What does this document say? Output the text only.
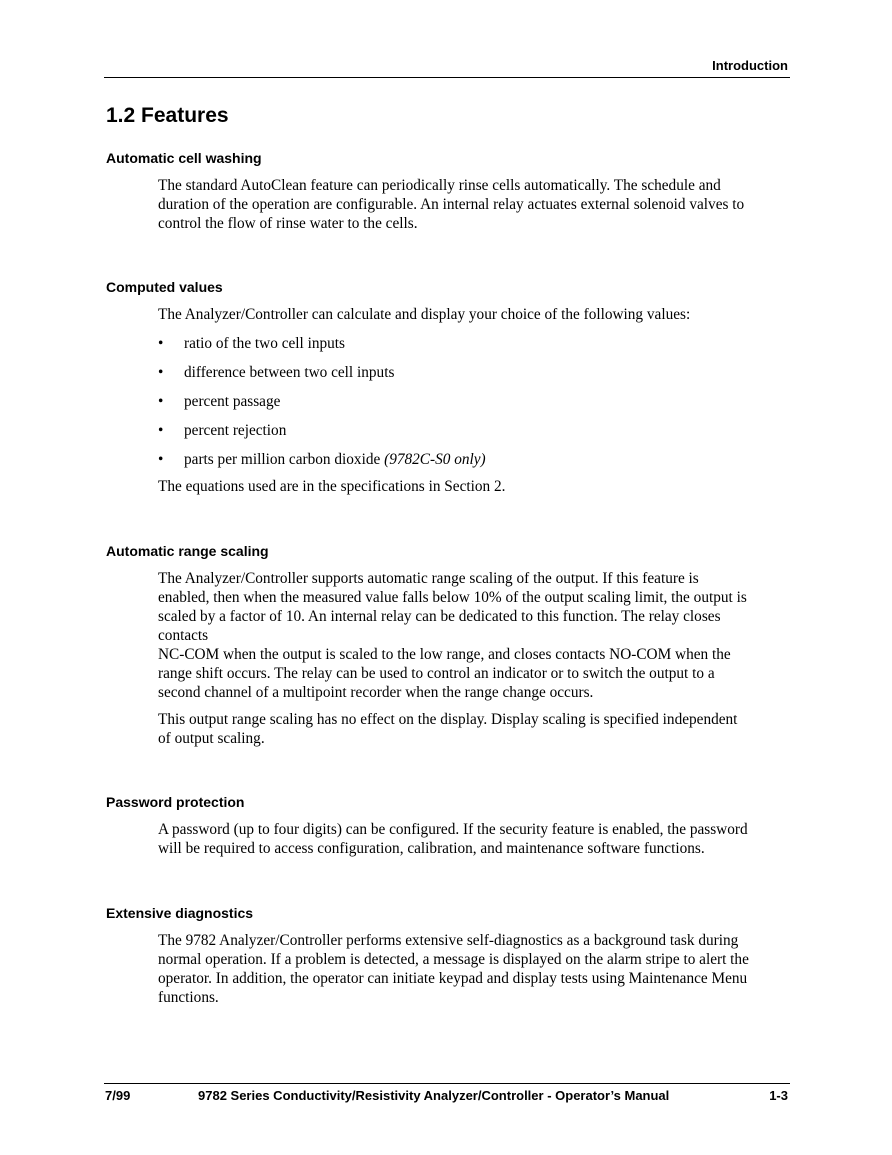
Introduction
1.2 Features
Automatic cell washing

The standard AutoClean feature can periodically rinse cells automatically. The schedule and

duration of the operation are configurable. An internal relay actuates external solenoid valves to

control the flow of rinse water to the cells.

Computed values

The Analyzer/Controller can calculate and display your choice of the following values:

• ratio of the two cell inputs
• difference between two cell inputs
• percent passage
• percent rejection
• parts per million carbon dioxide (9782C-S0 only)

The equations used are in the specifications in Section 2.

Automatic range scaling

The Analyzer/Controller supports automatic range scaling of the output. If this feature is

enabled, then when the measured value falls below 10% of the output scaling limit, the output is

scaled by a factor of 10. An internal relay can be dedicated to this function. The relay closes

contacts

NC-COM when the output is scaled to the low range, and closes contacts NO-COM when the

range shift occurs. The relay can be used to control an indicator or to switch the output to a

second channel of a multipoint recorder when the range change occurs.

This output range scaling has no effect on the display. Display scaling is specified independent

of output scaling.

Password protection

A password (up to four digits) can be configured. If the security feature is enabled, the password

will be required to access configuration, calibration, and maintenance software functions.

Extensive diagnostics

The 9782 Analyzer/Controller performs extensive self-diagnostics as a background task during

normal operation. If a problem is detected, a message is displayed on the alarm stripe to alert the

operator. In addition, the operator can initiate keypad and display tests using Maintenance Menu

functions.

7/99	9782 Series Conductivity/Resistivity Analyzer/Controller - Operator’s Manual	1-3
